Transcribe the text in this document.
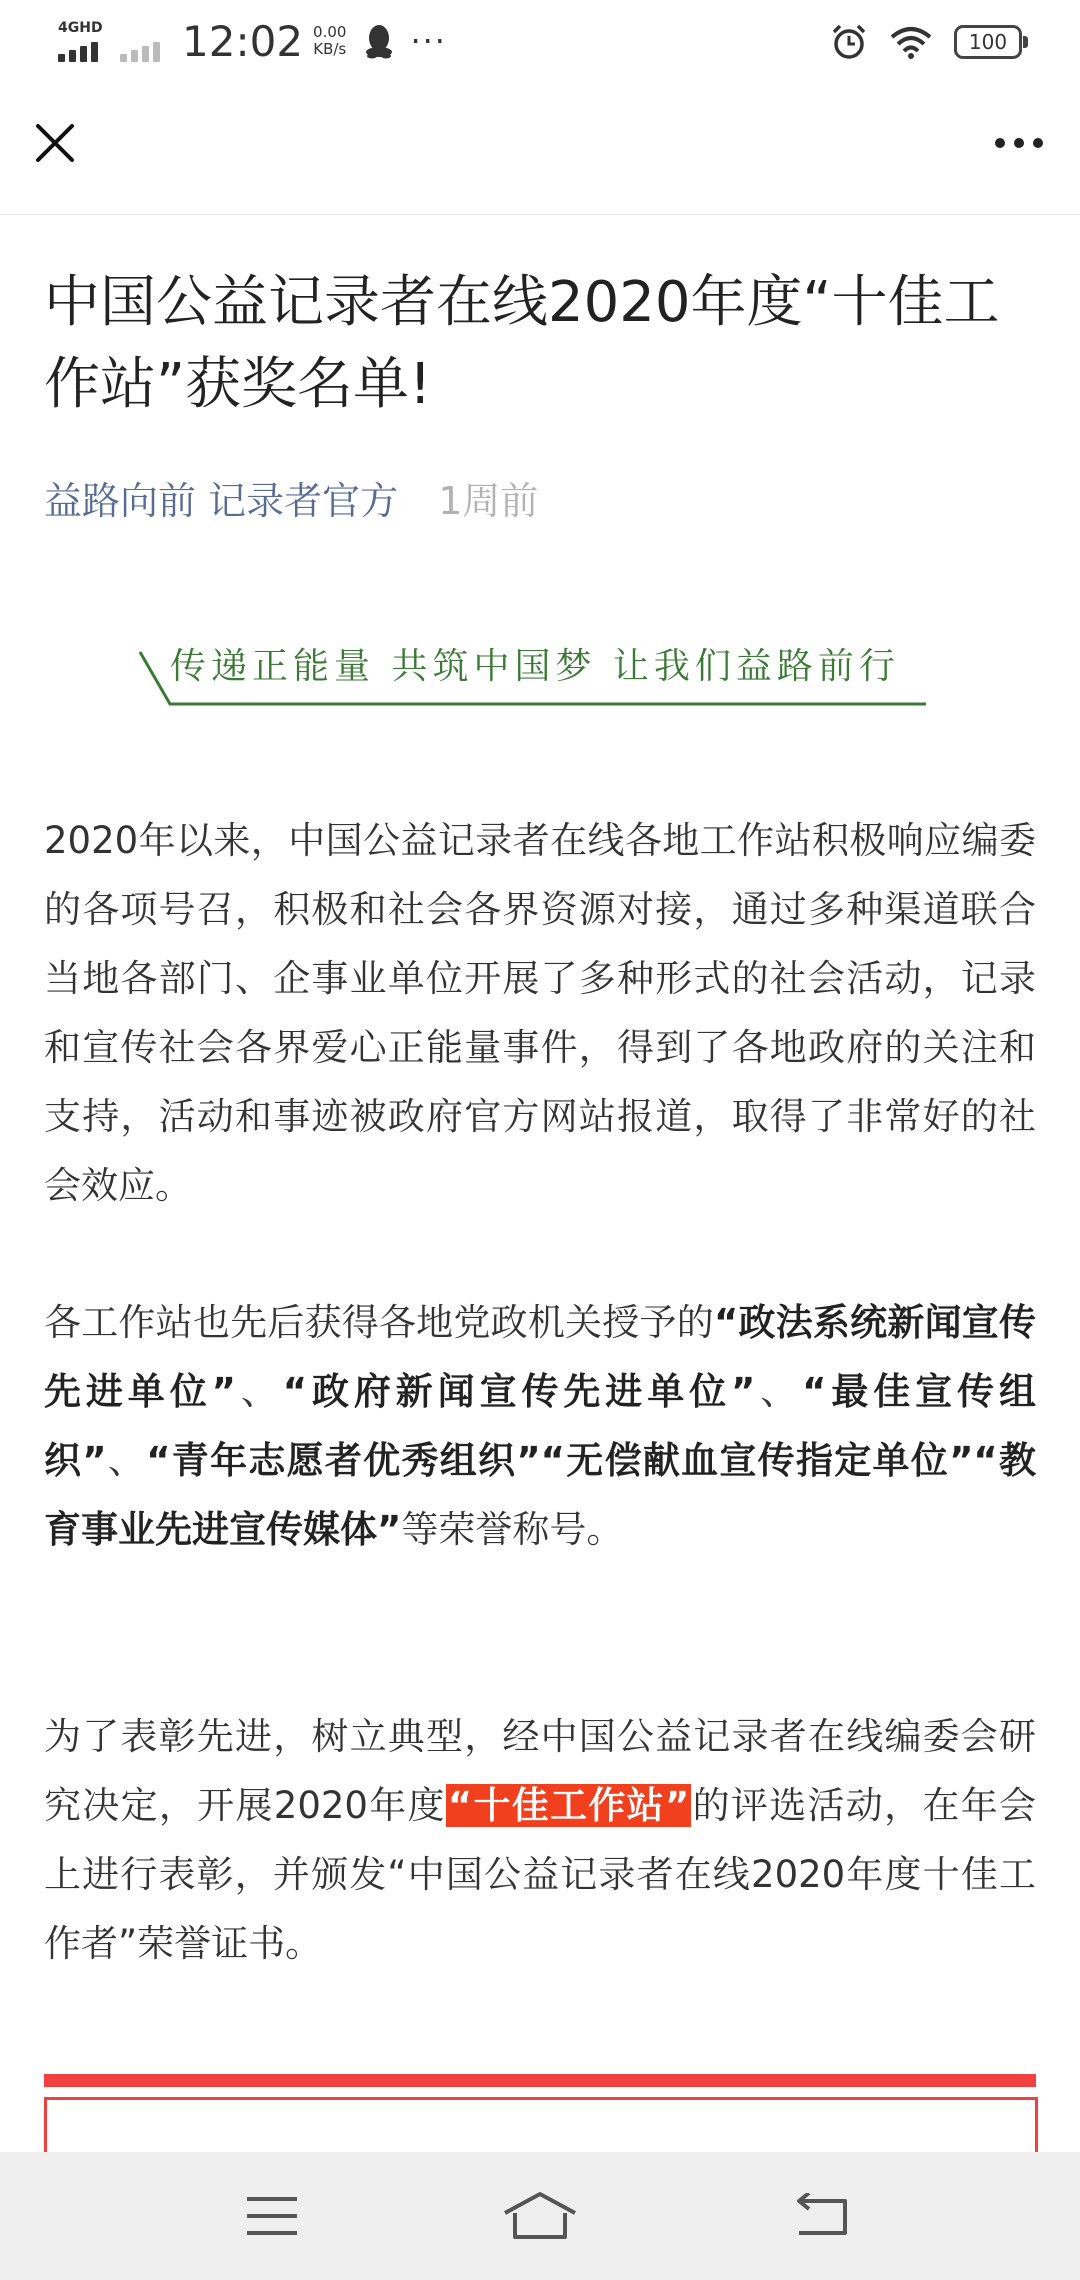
4GHD 12:02 0.00
KB/s ···	100
中国公益记录者在线2020年度“十佳工作站”获奖名单!
益路向前 记录者官方 1周前
传递正能量 共筑中国梦 让我们益路前行

2020年以来，中国公益记录者在线各地工作站积极响应编委的各项号召，积极和社会各界资源对接，通过多种渠道联合当地各部门、企事业单位开展了多种形式的社会活动，记录和宣传社会各界爱心正能量事件，得到了各地政府的关注和支持，活动和事迹被政府官方网站报道，取得了非常好的社会效应。

各工作站也先后获得各地党政机关授予的“政法系统新闻宣传先进单位”、“政府新闻宣传先进单位”、“最佳宣传组织”、“青年志愿者优秀组织”“无偿献血宣传指定单位”“教育事业先进宣传媒体”等荣誉称号。

为了表彰先进，树立典型，经中国公益记录者在线编委会研究决定，开展2020年度“十佳工作站”的评选活动，在年会上进行表彰，并颁发“中国公益记录者在线2020年度十佳工作者”荣誉证书。
